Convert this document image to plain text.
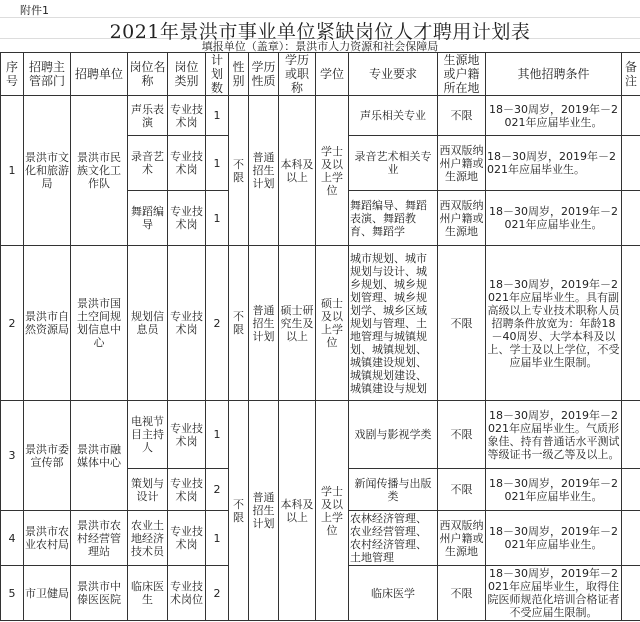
附件1
2021年景洪市事业单位紧缺岗位人才聘用计划表
填报单位（盖章）：景洪市人力资源和社会保障局
序号	招聘主管部门	招聘单位	岗位名称	岗位类别	计划数	性别	学历性质	学历或职称	学位	专业要求	生源地或户籍所在地	其他招聘条件	备注
1	景洪市文化和旅游局	景洪市民族文化工作队	声乐表演	专业技术岗	1	不限	普通招生计划	本科及以上	学士及以上学位	声乐相关专业	不限	18－30周岁，2019年－2021年应届毕业生。	
			录音艺术	专业技术岗	1					录音艺术相关专业	西双版纳州户籍或生源地	18－30周岁，2019年－2021年应届毕业生。	
			舞蹈编导	专业技术岗	1					舞蹈编导、舞蹈表演、舞蹈教育、舞蹈学	西双版纳州户籍或生源地	18－30周岁，2019年－2021年应届毕业生。	
2	景洪市自然资源局	景洪市国土空间规划信息中心	规划信息员	专业技术岗	2	不限	普通招生计划	硕士研究生及以上	硕士及以上学位	城市规划、城市规划与设计、城乡规划、城乡规划管理、城乡规划学、城乡区域规划与管理、土地管理与城镇规划、城镇规划、城镇建设规划、城镇规划建设、城镇建设与规划	不限	18－30周岁，2019年－2021年应届毕业生。具有副高级以上专业技术职称人员招聘条件放宽为：年龄18－40周岁、大学本科及以上、学士及以上学位，不受应届毕业生限制。	
3	景洪市委宣传部	景洪市融媒体中心	电视节目主持人	专业技术岗	1	不限	普通招生计划	本科及以上	学士及以上学位	戏剧与影视学类	不限	18－30周岁，2019年－2021年应届毕业生。气质形象佳、持有普通话水平测试等级证书一级乙等及以上。	
			策划与设计	专业技术岗	2					新闻传播与出版类	不限	18－30周岁，2019年－2021年应届毕业生。	
4	景洪市农业农村局	景洪市农村经营管理站	农业土地经济技术员	专业技术岗	1					农林经济管理、农业经营管理、农村经济管理、土地管理	西双版纳州户籍或生源地	18－30周岁，2019年－2021年应届毕业生。	
5	市卫健局	景洪市中傣医医院	临床医生	专业技术岗位	2					临床医学	不限	18－30周岁，2019年－2021年应届毕业生，取得住院医师规范化培训合格证者不受应届生限制。	
